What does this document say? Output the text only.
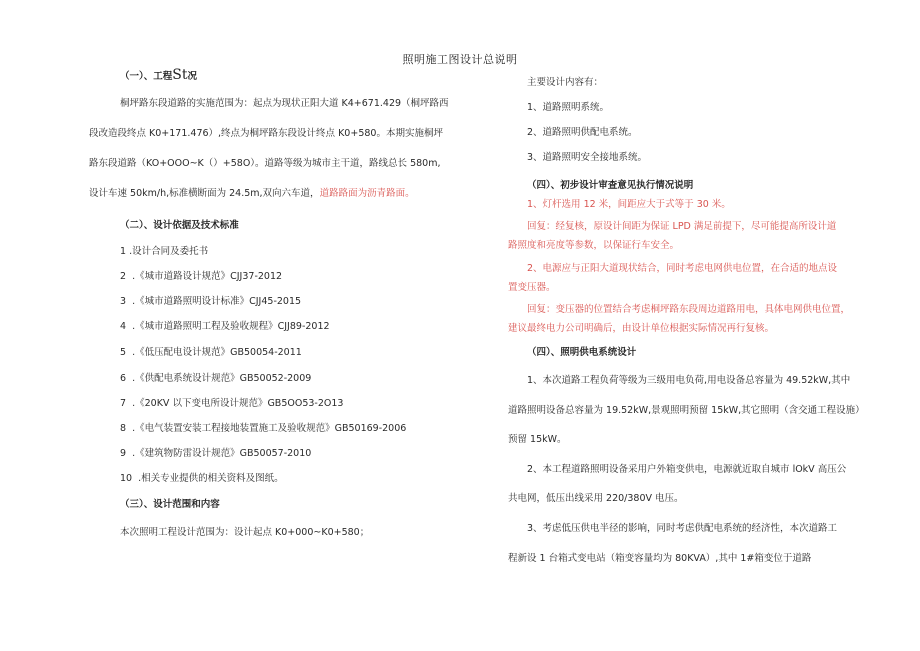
照明施工图设计总说明
（一）、工程St况
桐坪路东段道路的实施范围为：起点为现状正阳大道 K4+671.429（桐坪路西
段改造段终点 K0+171.476）,终点为桐坪路东段设计终点 K0+580。本期实施桐坪
路东段道路（KO+OOO~K（）+58O）。道路等级为城市主干道，路线总长 580m,
设计车速 50km/h,标准横断面为 24.5m,双向六车道，道路路面为沥青路面。
（二）、设计依据及技术标准
1 .设计合同及委托书
2 .《城市道路设计规范》CJJ37-2012
3 .《城市道路照明设计标准》CJJ45-2015
4 .《城市道路照明工程及验收规程》CJJ89-2012
5 .《低压配电设计规范》GB50054-2011
6 .《供配电系统设计规范》GB50052-2009
7 .《20KV 以下变电所设计规范》GB5OO53-2O13
8 .《电气装置安装工程接地装置施工及验收规范》GB50169-2006
9 .《建筑物防雷设计规范》GB50057-2010
10 .相关专业提供的相关资料及图纸。
（三）、设计范围和内容
本次照明工程设计范围为：设计起点 K0+000~K0+580；
主要设计内容有：
1、道路照明系统。
2、道路照明供配电系统。
3、道路照明安全接地系统。
（四）、初步设计审查意见执行情况说明
1、灯杆选用 12 米，间距应大于式等于 30 米。
回复：经复核，原设计间距为保证 LPD 满足前提下，尽可能提高所设计道
路照度和亮度等参数，以保证行车安全。
2、电源应与正阳大道现状结合，同时考虑电网供电位置，在合适的地点设
置变压器。
回复：变压器的位置结合考虑桐坪路东段周边道路用电，具体电网供电位置，
建议最终电力公司明确后，由设计单位根据实际情况再行复核。
（四）、照明供电系统设计
1、本次道路工程负荷等级为三级用电负荷,用电设备总容量为 49.52kW,其中
道路照明设备总容量为 19.52kW,景观照明预留 15kW,其它照明（含交通工程设施）
预留 15kW。
2、本工程道路照明设备采用户外箱变供电，电源就近取自城市 lOkV 高压公
共电网，低压出线采用 220/380V 电压。
3、考虑低压供电半径的影响，同时考虑供配电系统的经济性，本次道路工
程新设 1 台箱式变电站（箱变容量均为 80KVA）,其中 1#箱变位于道路
